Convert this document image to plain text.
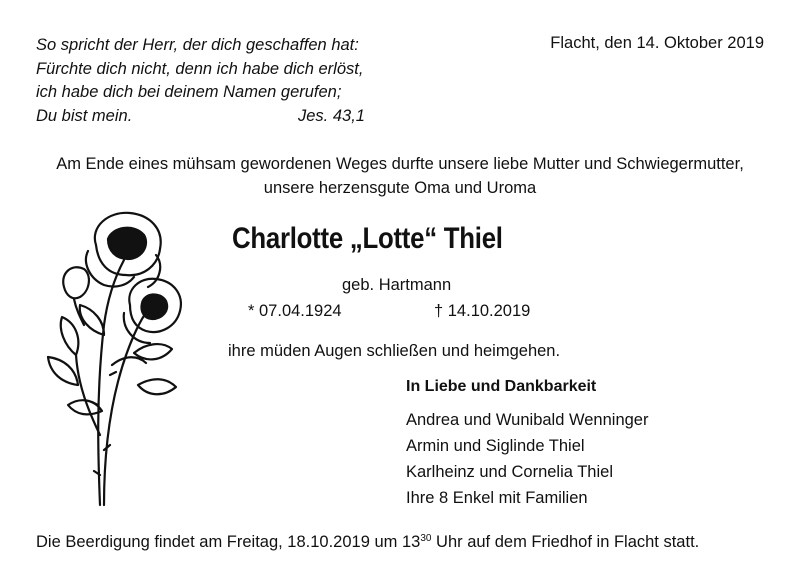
So spricht der Herr, der dich geschaffen hat:
Fürchte dich nicht, denn ich habe dich erlöst,
ich habe dich bei deinem Namen gerufen;
Du bist mein.	Jes. 43,1
Flacht, den 14. Oktober 2019
Am Ende eines mühsam gewordenen Weges durfte unsere liebe Mutter und Schwiegermutter,
unsere herzensgute Oma und Uroma
Charlotte „Lotte“ Thiel
geb. Hartmann
* 07.04.1924	† 14.10.2019
ihre müden Augen schließen und heimgehen.
In Liebe und Dankbarkeit
Andrea und Wunibald Wenninger
Armin und Siglinde Thiel
Karlheinz und Cornelia Thiel
Ihre 8 Enkel mit Familien
Die Beerdigung findet am Freitag, 18.10.2019 um $13^{30}$ Uhr auf dem Friedhof in Flacht statt.
